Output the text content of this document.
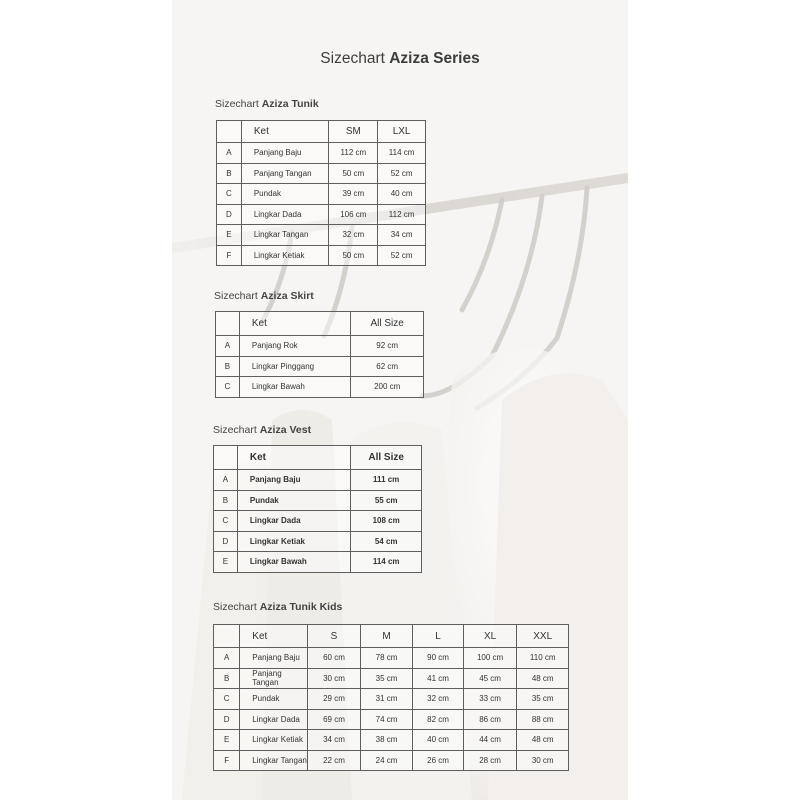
Sizechart Aziza Series
Sizechart Aziza Tunik
	Ket	SM	LXL
A	Panjang Baju	112 cm	114 cm
B	Panjang Tangan	50 cm	52 cm
C	Pundak	39 cm	40 cm
D	Lingkar Dada	106 cm	112 cm
E	Lingkar Tangan	32 cm	34 cm
F	Lingkar Ketiak	50 cm	52 cm
Sizechart Aziza Skirt
	Ket	All Size
A	Panjang Rok	92 cm
B	Lingkar Pinggang	62 cm
C	Lingkar Bawah	200 cm
Sizechart Aziza Vest
	Ket	All Size
A	Panjang Baju	111 cm
B	Pundak	55 cm
C	Lingkar Dada	108 cm
D	Lingkar Ketiak	54 cm
E	Lingkar Bawah	114 cm
Sizechart Aziza Tunik Kids
	Ket	S	M	L	XL	XXL
A	Panjang Baju	60 cm	78 cm	90 cm	100 cm	110 cm
B	Panjang Tangan	30 cm	35 cm	41 cm	45 cm	48 cm
C	Pundak	29 cm	31 cm	32 cm	33 cm	35 cm
D	Lingkar Dada	69 cm	74 cm	82 cm	86 cm	88 cm
E	Lingkar Ketiak	34 cm	38 cm	40 cm	44 cm	48 cm
F	Lingkar Tangan	22 cm	24 cm	26 cm	28 cm	30 cm
